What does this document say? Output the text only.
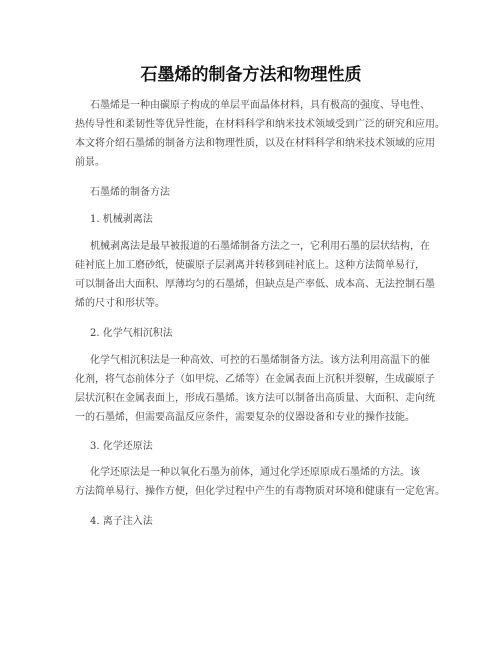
石墨烯的制备方法和物理性质
石墨烯是一种由碳原子构成的单层平面晶体材料，具有极高的强度、导电性、
热传导性和柔韧性等优异性能，在材料科学和纳米技术领域受到广泛的研究和应用。
本文将介绍石墨烯的制备方法和物理性质，以及在材料科学和纳米技术领域的应用
前景。
石墨烯的制备方法
1. 机械剥离法
机械剥离法是最早被报道的石墨烯制备方法之一，它利用石墨的层状结构，在
硅衬底上加工磨砂纸，使碳原子层剥离并转移到硅衬底上。这种方法简单易行，
可以制备出大面积、厚薄均匀的石墨烯，但缺点是产率低、成本高、无法控制石墨
烯的尺寸和形状等。
2. 化学气相沉积法
化学气相沉积法是一种高效、可控的石墨烯制备方法。该方法利用高温下的催
化剂，将气态前体分子（如甲烷、乙烯等）在金属表面上沉积并裂解，生成碳原子
层状沉积在金属表面上，形成石墨烯。该方法可以制备出高质量、大面积、走向统
一的石墨烯，但需要高温反应条件，需要复杂的仪器设备和专业的操作技能。
3. 化学还原法
化学还原法是一种以氧化石墨为前体，通过化学还原原成石墨烯的方法。该
方法简单易行、操作方便，但化学过程中产生的有毒物质对环境和健康有一定危害。
4. 离子注入法
